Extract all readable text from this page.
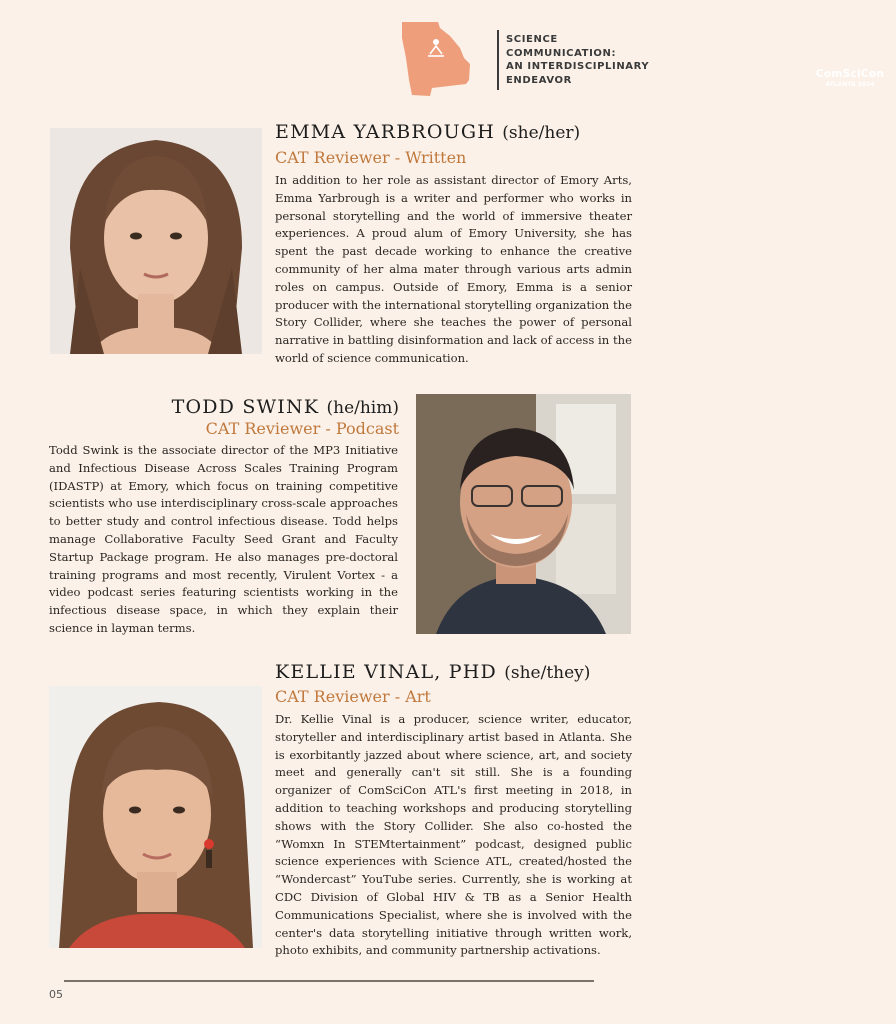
ComSciCon
ATLANTA 2024
SCIENCE
COMMUNICATION:
AN INTERDISCIPLINARY
ENDEAVOR
EMMA YARBROUGH (she/her)
CAT Reviewer - Written
In addition to her role as assistant director of Emory Arts, Emma Yarbrough is a writer and performer who works in personal storytelling and the world of immersive theater experiences. A proud alum of Emory University, she has spent the past decade working to enhance the creative community of her alma mater through various arts admin roles on campus. Outside of Emory, Emma is a senior producer with the international storytelling organization the Story Collider, where she teaches the power of personal narrative in battling disinformation and lack of access in the world of science communication.
TODD SWINK (he/him)
CAT Reviewer - Podcast
Todd Swink is the associate director of the MP3 Initiative and Infectious Disease Across Scales Training Program (IDASTP) at Emory, which focus on training competitive scientists who use interdisciplinary cross-scale approaches to better study and control infectious disease. Todd helps manage Collaborative Faculty Seed Grant and Faculty Startup Package program. He also manages pre-doctoral training programs and most recently, Virulent Vortex - a video podcast series featuring scientists working in the infectious disease space, in which they explain their science in layman terms.
KELLIE VINAL, PHD (she/they)
CAT Reviewer - Art
Dr. Kellie Vinal is a producer, science writer, educator, storyteller and interdisciplinary artist based in Atlanta. She is exorbitantly jazzed about where science, art, and society meet and generally can't sit still. She is a founding organizer of ComSciCon ATL's first meeting in 2018, in addition to teaching workshops and producing storytelling shows with the Story Collider. She also co-hosted the “Womxn In STEMtertainment” podcast, designed public science experiences with Science ATL, created/hosted the “Wondercast” YouTube series. Currently, she is working at CDC Division of Global HIV & TB as a Senior Health Communications Specialist, where she is involved with the center's data storytelling initiative through written work, photo exhibits, and community partnership activations.
05
